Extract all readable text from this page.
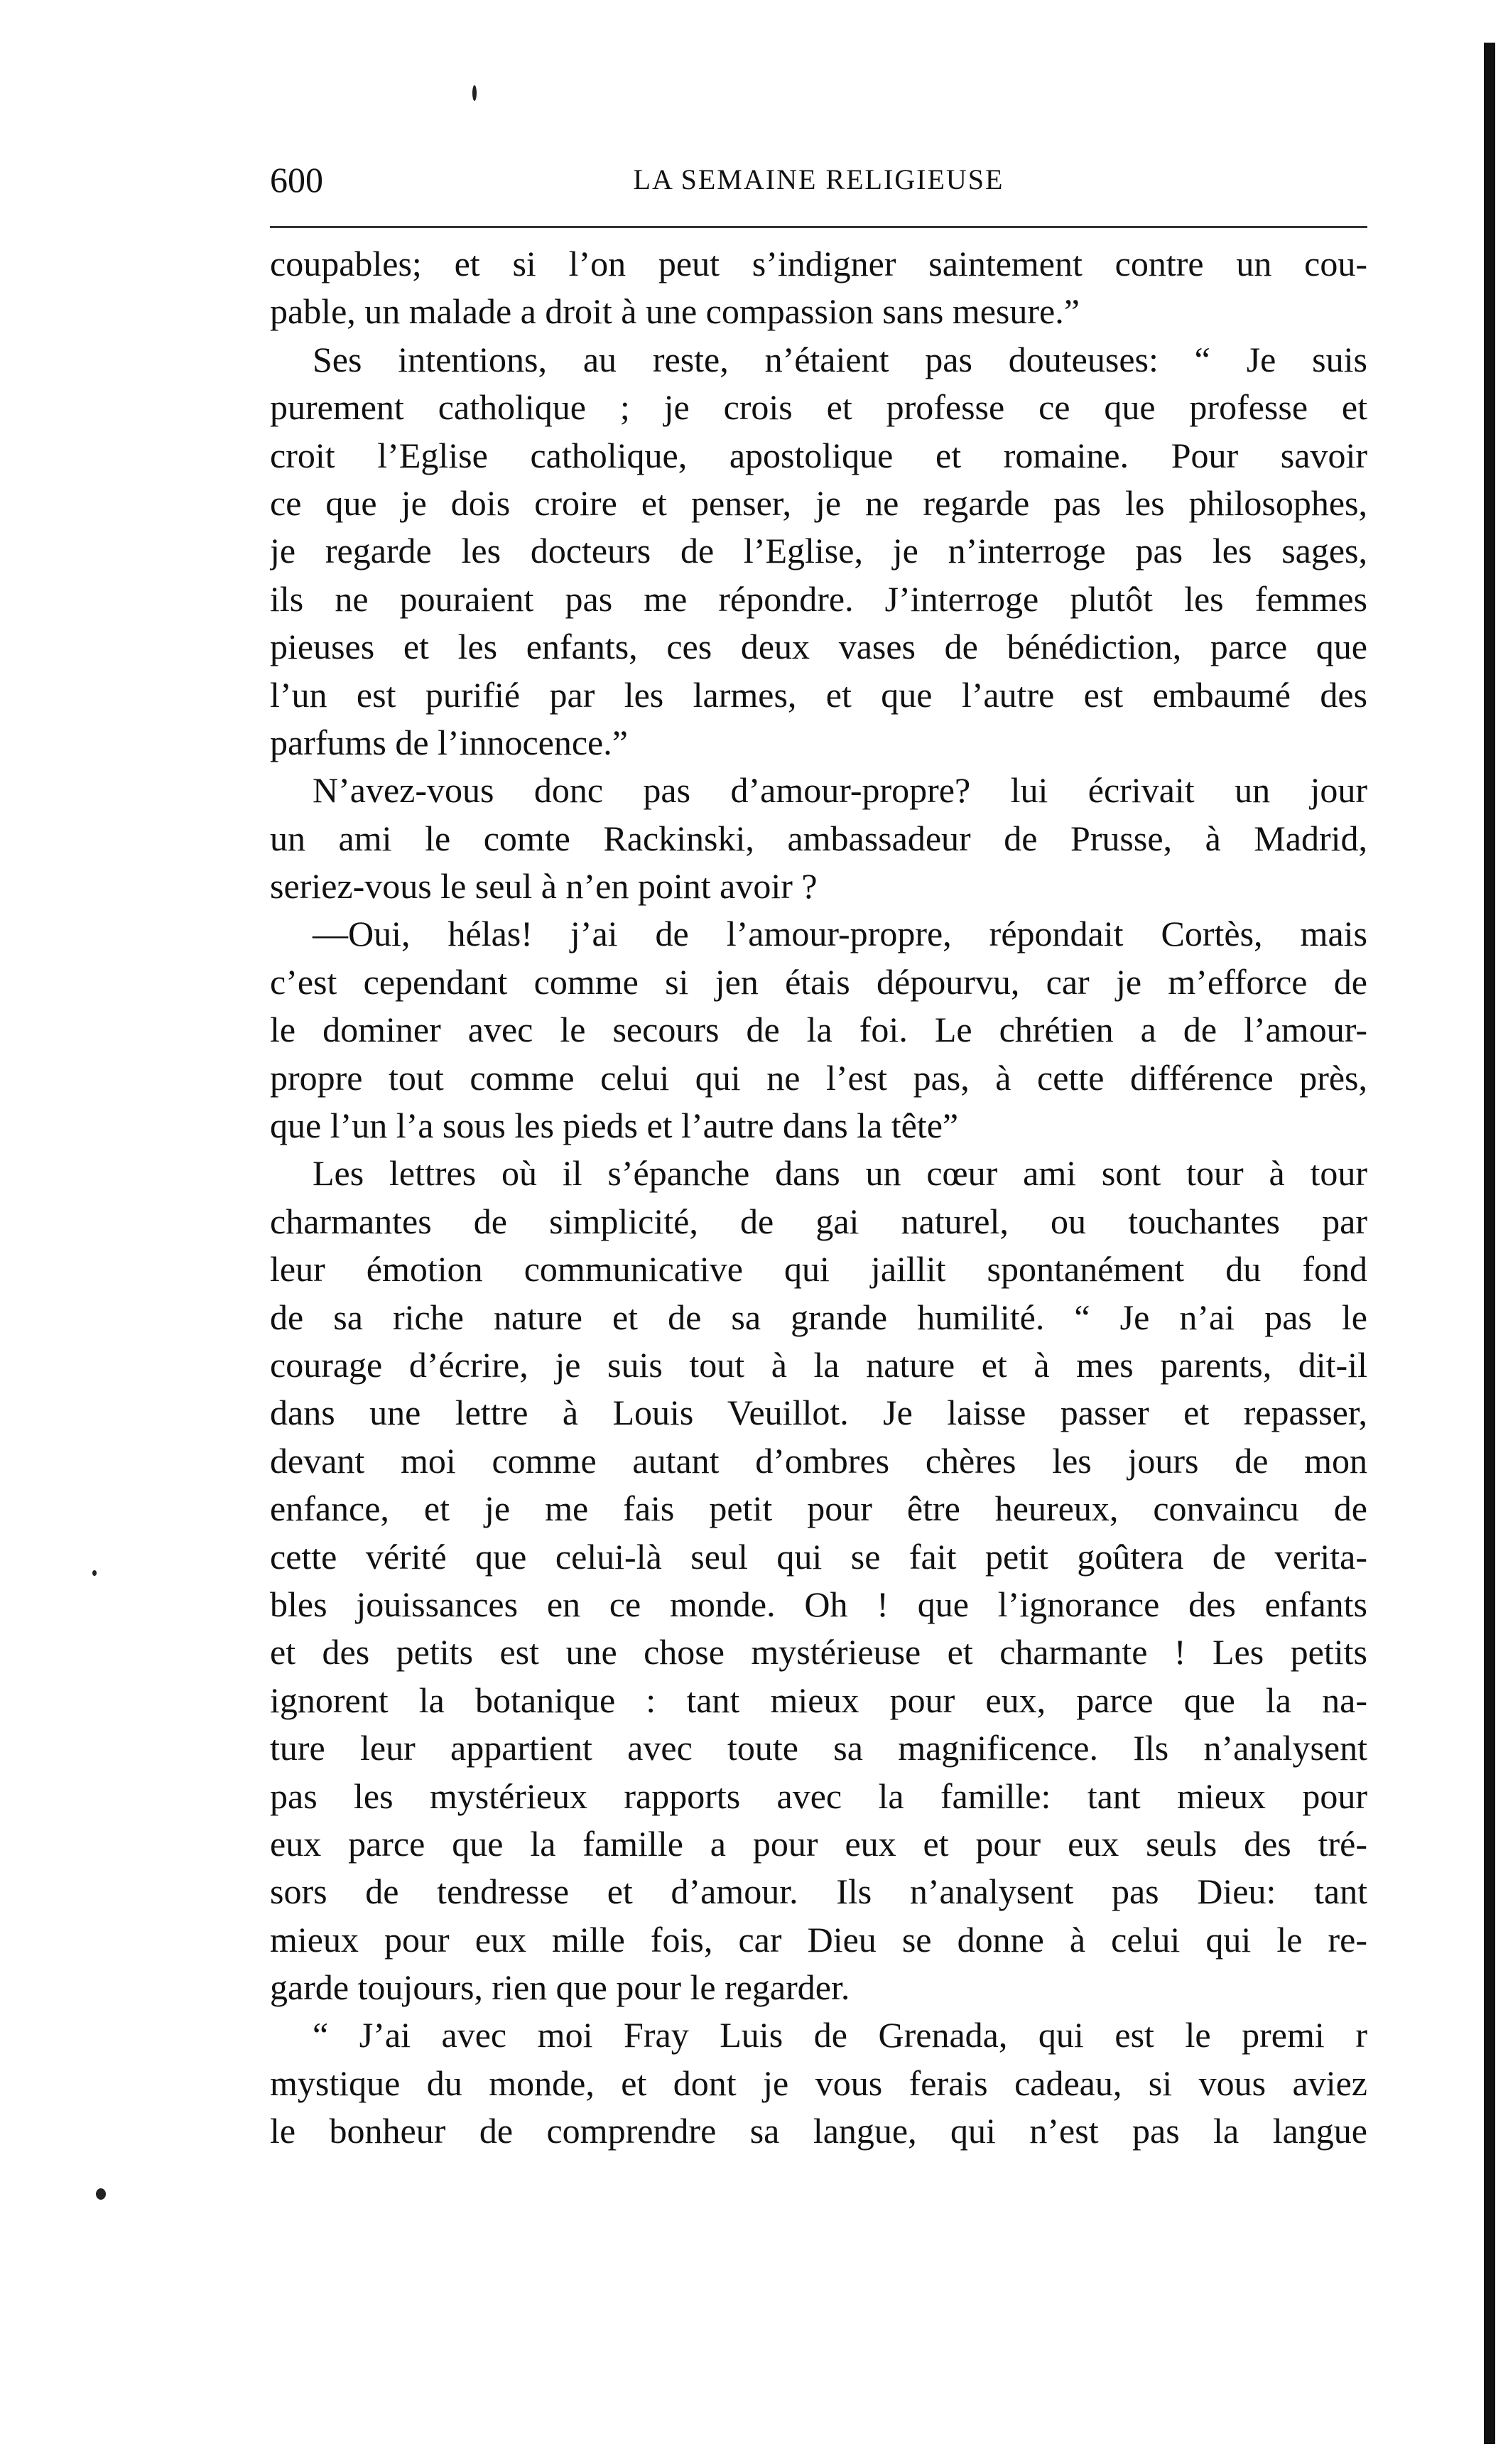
600	LA SEMAINE RELIGIEUSE
coupables; et si l’on peut s’indigner saintement contre un cou-
pable, un malade a droit à une compassion sans mesure.”
Ses intentions, au reste, n’étaient pas douteuses: “ Je suis
purement catholique ; je crois et professe ce que professe et
croit l’Eglise catholique, apostolique et romaine. Pour savoir
ce que je dois croire et penser, je ne regarde pas les philosophes,
je regarde les docteurs de l’Eglise, je n’interroge pas les sages,
ils ne pouraient pas me répondre. J’interroge plutôt les femmes
pieuses et les enfants, ces deux vases de bénédiction, parce que
l’un est purifié par les larmes, et que l’autre est embaumé des
parfums de l’innocence.”
N’avez-vous donc pas d’amour-propre? lui écrivait un jour
un ami le comte Rackinski, ambassadeur de Prusse, à Madrid,
seriez-vous le seul à n’en point avoir ?
—Oui, hélas! j’ai de l’amour-propre, répondait Cortès, mais
c’est cependant comme si jen étais dépourvu, car je m’efforce de
le dominer avec le secours de la foi. Le chrétien a de l’amour-
propre tout comme celui qui ne l’est pas, à cette différence près,
que l’un l’a sous les pieds et l’autre dans la tête”
Les lettres où il s’épanche dans un cœur ami sont tour à tour
charmantes de simplicité, de gai naturel, ou touchantes par
leur émotion communicative qui jaillit spontanément du fond
de sa riche nature et de sa grande humilité. “ Je n’ai pas le
courage d’écrire, je suis tout à la nature et à mes parents, dit-il
dans une lettre à Louis Veuillot. Je laisse passer et repasser,
devant moi comme autant d’ombres chères les jours de mon
enfance, et je me fais petit pour être heureux, convaincu de
cette vérité que celui-là seul qui se fait petit goûtera de verita-
bles jouissances en ce monde. Oh ! que l’ignorance des enfants
et des petits est une chose mystérieuse et charmante ! Les petits
ignorent la botanique : tant mieux pour eux, parce que la na-
ture leur appartient avec toute sa magnificence. Ils n’analysent
pas les mystérieux rapports avec la famille: tant mieux pour
eux parce que la famille a pour eux et pour eux seuls des tré-
sors de tendresse et d’amour. Ils n’analysent pas Dieu: tant
mieux pour eux mille fois, car Dieu se donne à celui qui le re-
garde toujours, rien que pour le regarder.
“ J’ai avec moi Fray Luis de Grenada, qui est le premi r
mystique du monde, et dont je vous ferais cadeau, si vous aviez
le bonheur de comprendre sa langue, qui n’est pas la langue
